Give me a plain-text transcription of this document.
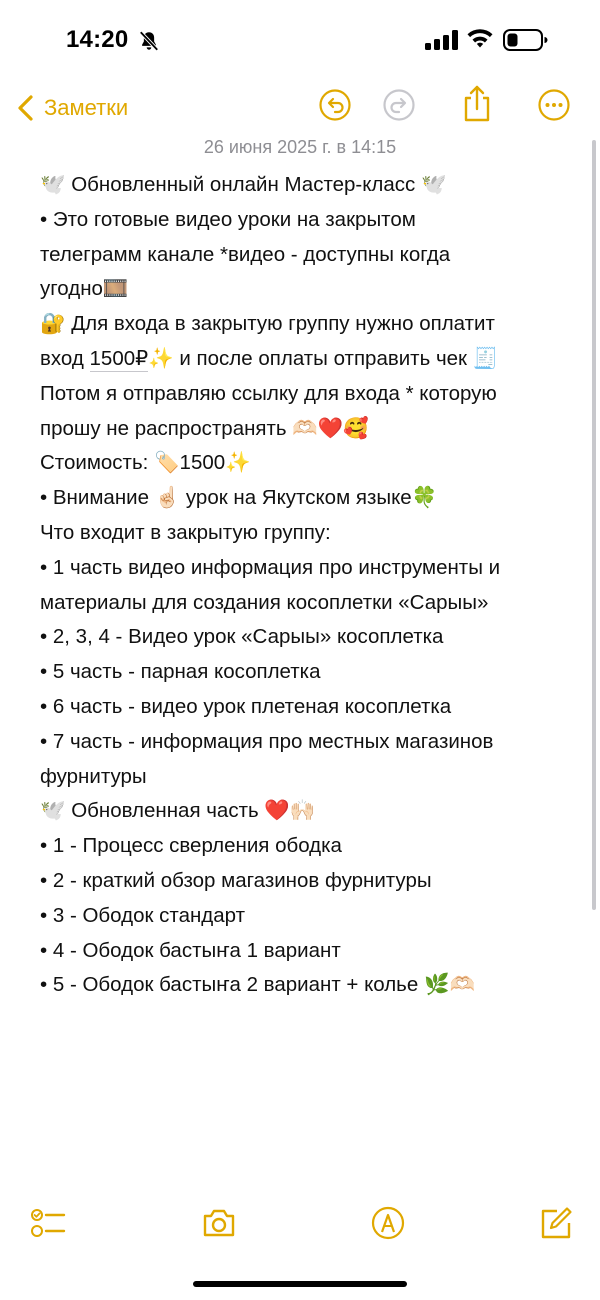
14:20
Заметки
26 июня 2025 г. в 14:15
🕊️ Обновленный онлайн Мастер-класс 🕊️
• Это готовые видео уроки на закрытом
телеграмм канале *видео - доступны когда
угодно🎞️
🔐 Для входа в закрытую группу нужно оплатит
вход 1500₽✨ и после оплаты отправить чек 🧾
Потом я отправляю ссылку для входа * которую
прошу не распространять 🫶🏻❤️🥰
Стоимость: 🏷️1500✨
• Внимание ☝🏻 урок на Якутском языке🍀
Что входит в закрытую группу:
• 1 часть видео информация про инструменты и
материалы для создания косоплетки «Сарыы»
• 2, 3, 4 - Видео урок «Сарыы» косоплетка
• 5 часть - парная косоплетка
• 6 часть - видео урок плетеная косоплетка
• 7 часть - информация про местных магазинов
фурнитуры
🕊️ Обновленная часть ❤️🙌🏻
• 1 - Процесс сверления ободка
• 2 - краткий обзор магазинов фурнитуры
• 3 - Ободок стандарт
• 4 - Ободок бастыҥа 1 вариант
• 5 - Ободок бастыҥа 2 вариант + колье 🌿🫶🏻
